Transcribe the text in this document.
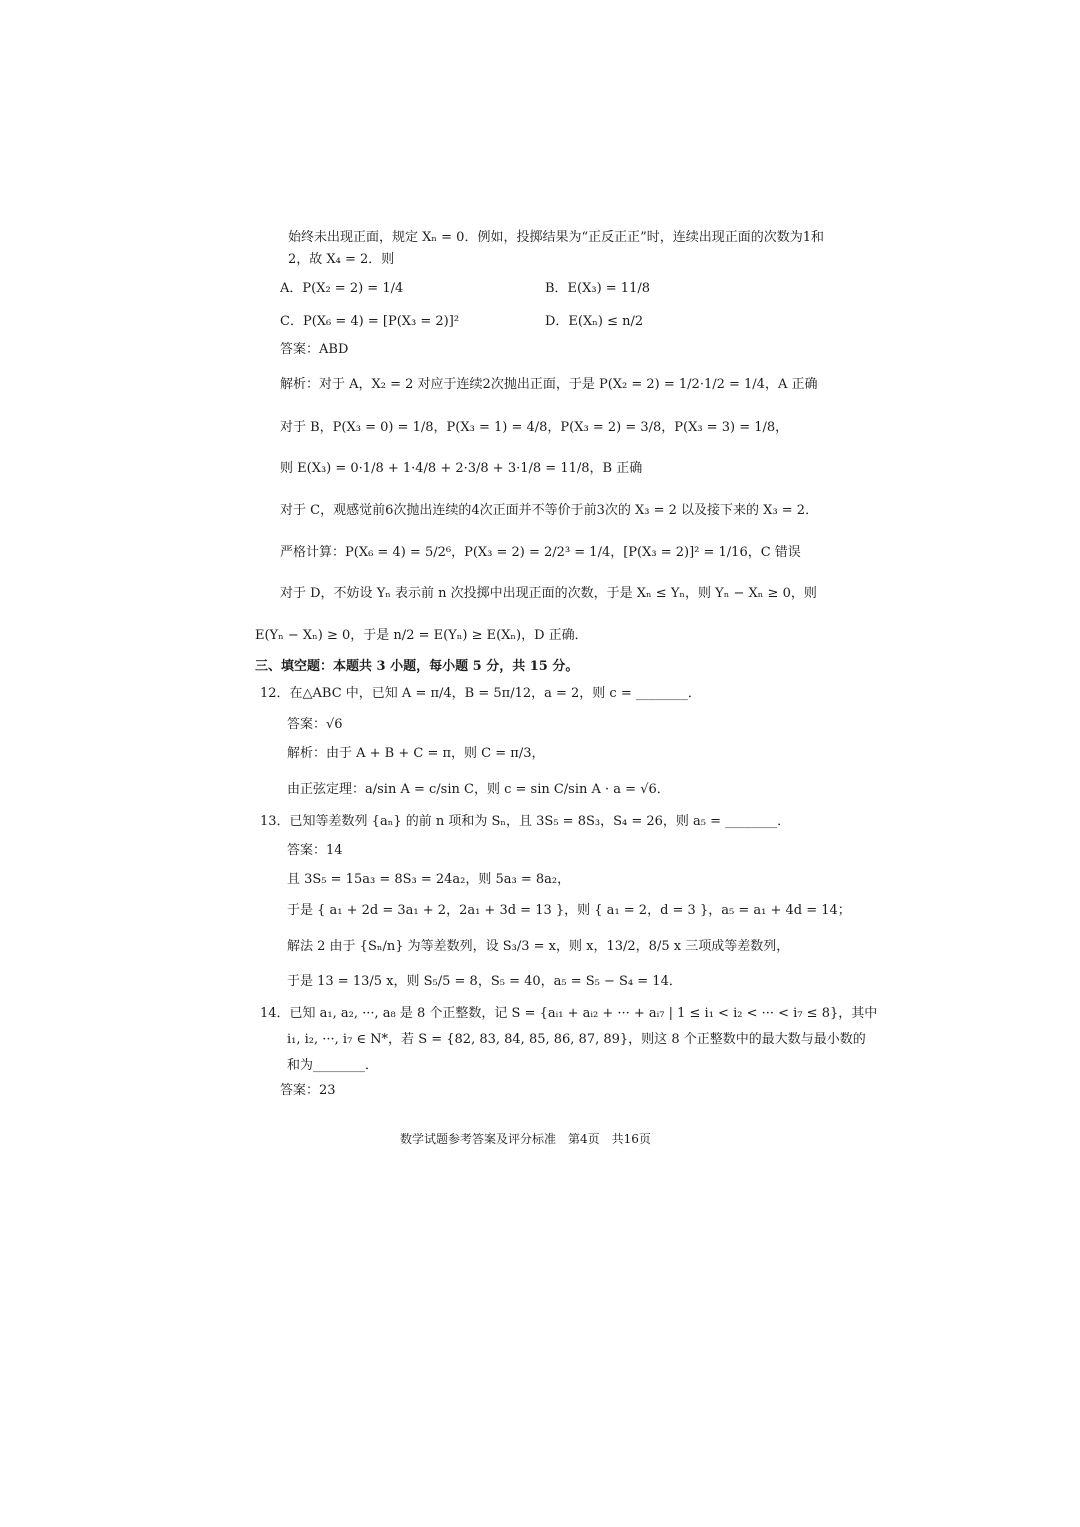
始终未出现正面，规定 Xₙ = 0．例如，投掷结果为“正反正正”时，连续出现正面的次数为1和
2，故 X₄ = 2．则
A．P(X₂ = 2) = 1/4	B．E(X₃) = 11/8
C．P(X₆ = 4) = [P(X₃ = 2)]²	D．E(Xₙ) ≤ n/2
答案：ABD
解析：对于 A，X₂ = 2 对应于连续2次抛出正面，于是 P(X₂ = 2) = 1/2·1/2 = 1/4，A 正确
对于 B，P(X₃ = 0) = 1/8，P(X₃ = 1) = 4/8，P(X₃ = 2) = 3/8，P(X₃ = 3) = 1/8，
则 E(X₃) = 0·1/8 + 1·4/8 + 2·3/8 + 3·1/8 = 11/8，B 正确
对于 C，观感觉前6次抛出连续的4次正面并不等价于前3次的 X₃ = 2 以及接下来的 X₃ = 2．
严格计算：P(X₆ = 4) = 5/2⁶，P(X₃ = 2) = 2/2³ = 1/4，[P(X₃ = 2)]² = 1/16，C 错误
对于 D，不妨设 Yₙ 表示前 n 次投掷中出现正面的次数，于是 Xₙ ≤ Yₙ，则 Yₙ − Xₙ ≥ 0，则
E(Yₙ − Xₙ) ≥ 0，于是 n/2 = E(Yₙ) ≥ E(Xₙ)，D 正确．
三、填空题：本题共 3 小题，每小题 5 分，共 15 分。
12．在△ABC 中，已知 A = π/4，B = 5π/12，a = 2，则 c = ________．
答案：√6
解析：由于 A + B + C = π，则 C = π/3，
由正弦定理：a/sin A = c/sin C，则 c = sin C/sin A · a = √6．
13．已知等差数列 {aₙ} 的前 n 项和为 Sₙ，且 3S₅ = 8S₃，S₄ = 26，则 a₅ = ________．
答案：14
且 3S₅ = 15a₃ = 8S₃ = 24a₂，则 5a₃ = 8a₂，
于是 { a₁ + 2d = 3a₁ + 2，2a₁ + 3d = 13 }，则 { a₁ = 2，d = 3 }，a₅ = a₁ + 4d = 14；
解法 2 由于 {Sₙ/n} 为等差数列，设 S₃/3 = x，则 x，13/2，8/5 x 三项成等差数列，
于是 13 = 13/5 x，则 S₅/5 = 8，S₅ = 40，a₅ = S₅ − S₄ = 14．
14．已知 a₁, a₂, ···, a₈ 是 8 个正整数，记 S = {aᵢ₁ + aᵢ₂ + ··· + aᵢ₇ | 1 ≤ i₁ < i₂ < ··· < i₇ ≤ 8}，其中
i₁, i₂, ···, i₇ ∈ N*，若 S = {82, 83, 84, 85, 86, 87, 89}，则这 8 个正整数中的最大数与最小数的
和为________．
答案：23
数学试题参考答案及评分标准　第4页　共16页
